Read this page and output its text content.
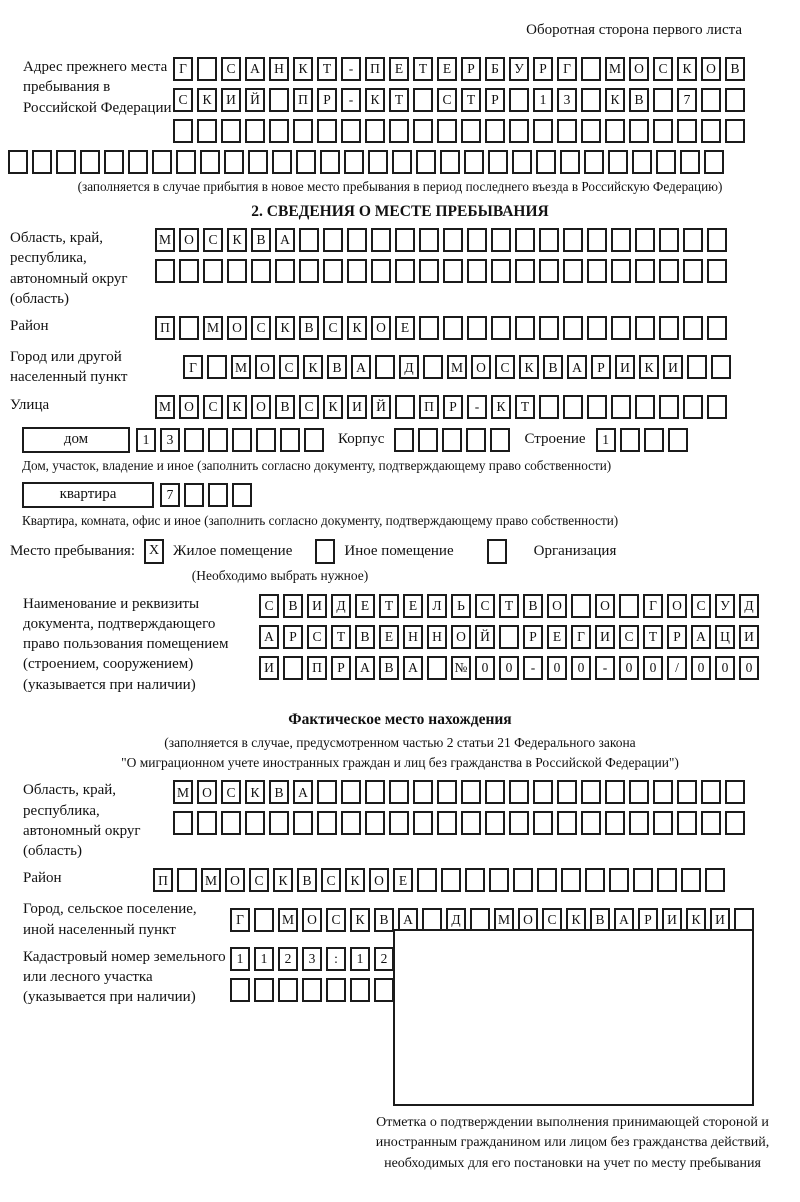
Оборотная сторона первого листа
Адрес прежнего места пребывания в Российской Федерации
Г	С	А	Н	К	Т	-	П	Е	Т	Е	Р	Б	У	Р	Г	М О	С	К	О	В
С	К	И	Й	П	Р	-	К	Т	С	Т	Р	1	3	К	В	7
(заполняется в случае прибытия в новое место пребывания в период последнего въезда в Российскую Федерацию)
2. СВЕДЕНИЯ О МЕСТЕ ПРЕБЫВАНИЯ
Область, край, республика, автономный округ (область)
М О	С	К	В	А
Район	П	М О	С	К	В	С	К	О	Е
Город или другой населенный пункт
Г	М О	С	К	В	А	Д	М О	С	К	В	А	Р	И	К	И
Улица	М О	С	К	О	В	С	К	И	Й	П	Р	-	К	Т
дом	1	3	Корпус	Строение	1
Дом, участок, владение и иное (заполнить согласно документу, подтверждающему право собственности)
квартира	7
Квартира, комната, офис и иное (заполнить согласно документу, подтверждающему право собственности)
Место пребывания: X Жилое помещение	Иное помещение	Организация
(Необходимо выбрать нужное)
Наименование и реквизиты документа, подтверждающего право пользования помещением (строением, сооружением) (указывается при наличии)
С	В	И	Д	Е	Т	Е	Л	Ь	С	Т	В	О	О	Г	О	С	У	Д
А	Р	С	Т	В	Е	Н	Н	О	Й	Р	Е	Г	И	С	Т	Р	А	Ц	И
И	П	Р	А	В	А	№	0	0	-	0	0	-	0	0	/	0	0	0
Фактическое место нахождения
(заполняется в случае, предусмотренном частью 2 статьи 21 Федерального закона
"О миграционном учете иностранных граждан и лиц без гражданства в Российской Федерации")
Область, край, республика, автономный округ (область)
М О	С	К	В	А
Район	П	М О	С	К	В	С	К	О	Е
Город, сельское поселение, иной населенный пункт
Г	М О	С	К	В	А	Д	М О	С	К	В	А	Р	И	К	И
Кадастровый номер земельного или лесного участка (указывается при наличии)
1	1	2	3	:	1	2
Отметка о подтверждении выполнения принимающей стороной и иностранным гражданином или лицом без гражданства действий, необходимых для его постановки на учет по месту пребывания
